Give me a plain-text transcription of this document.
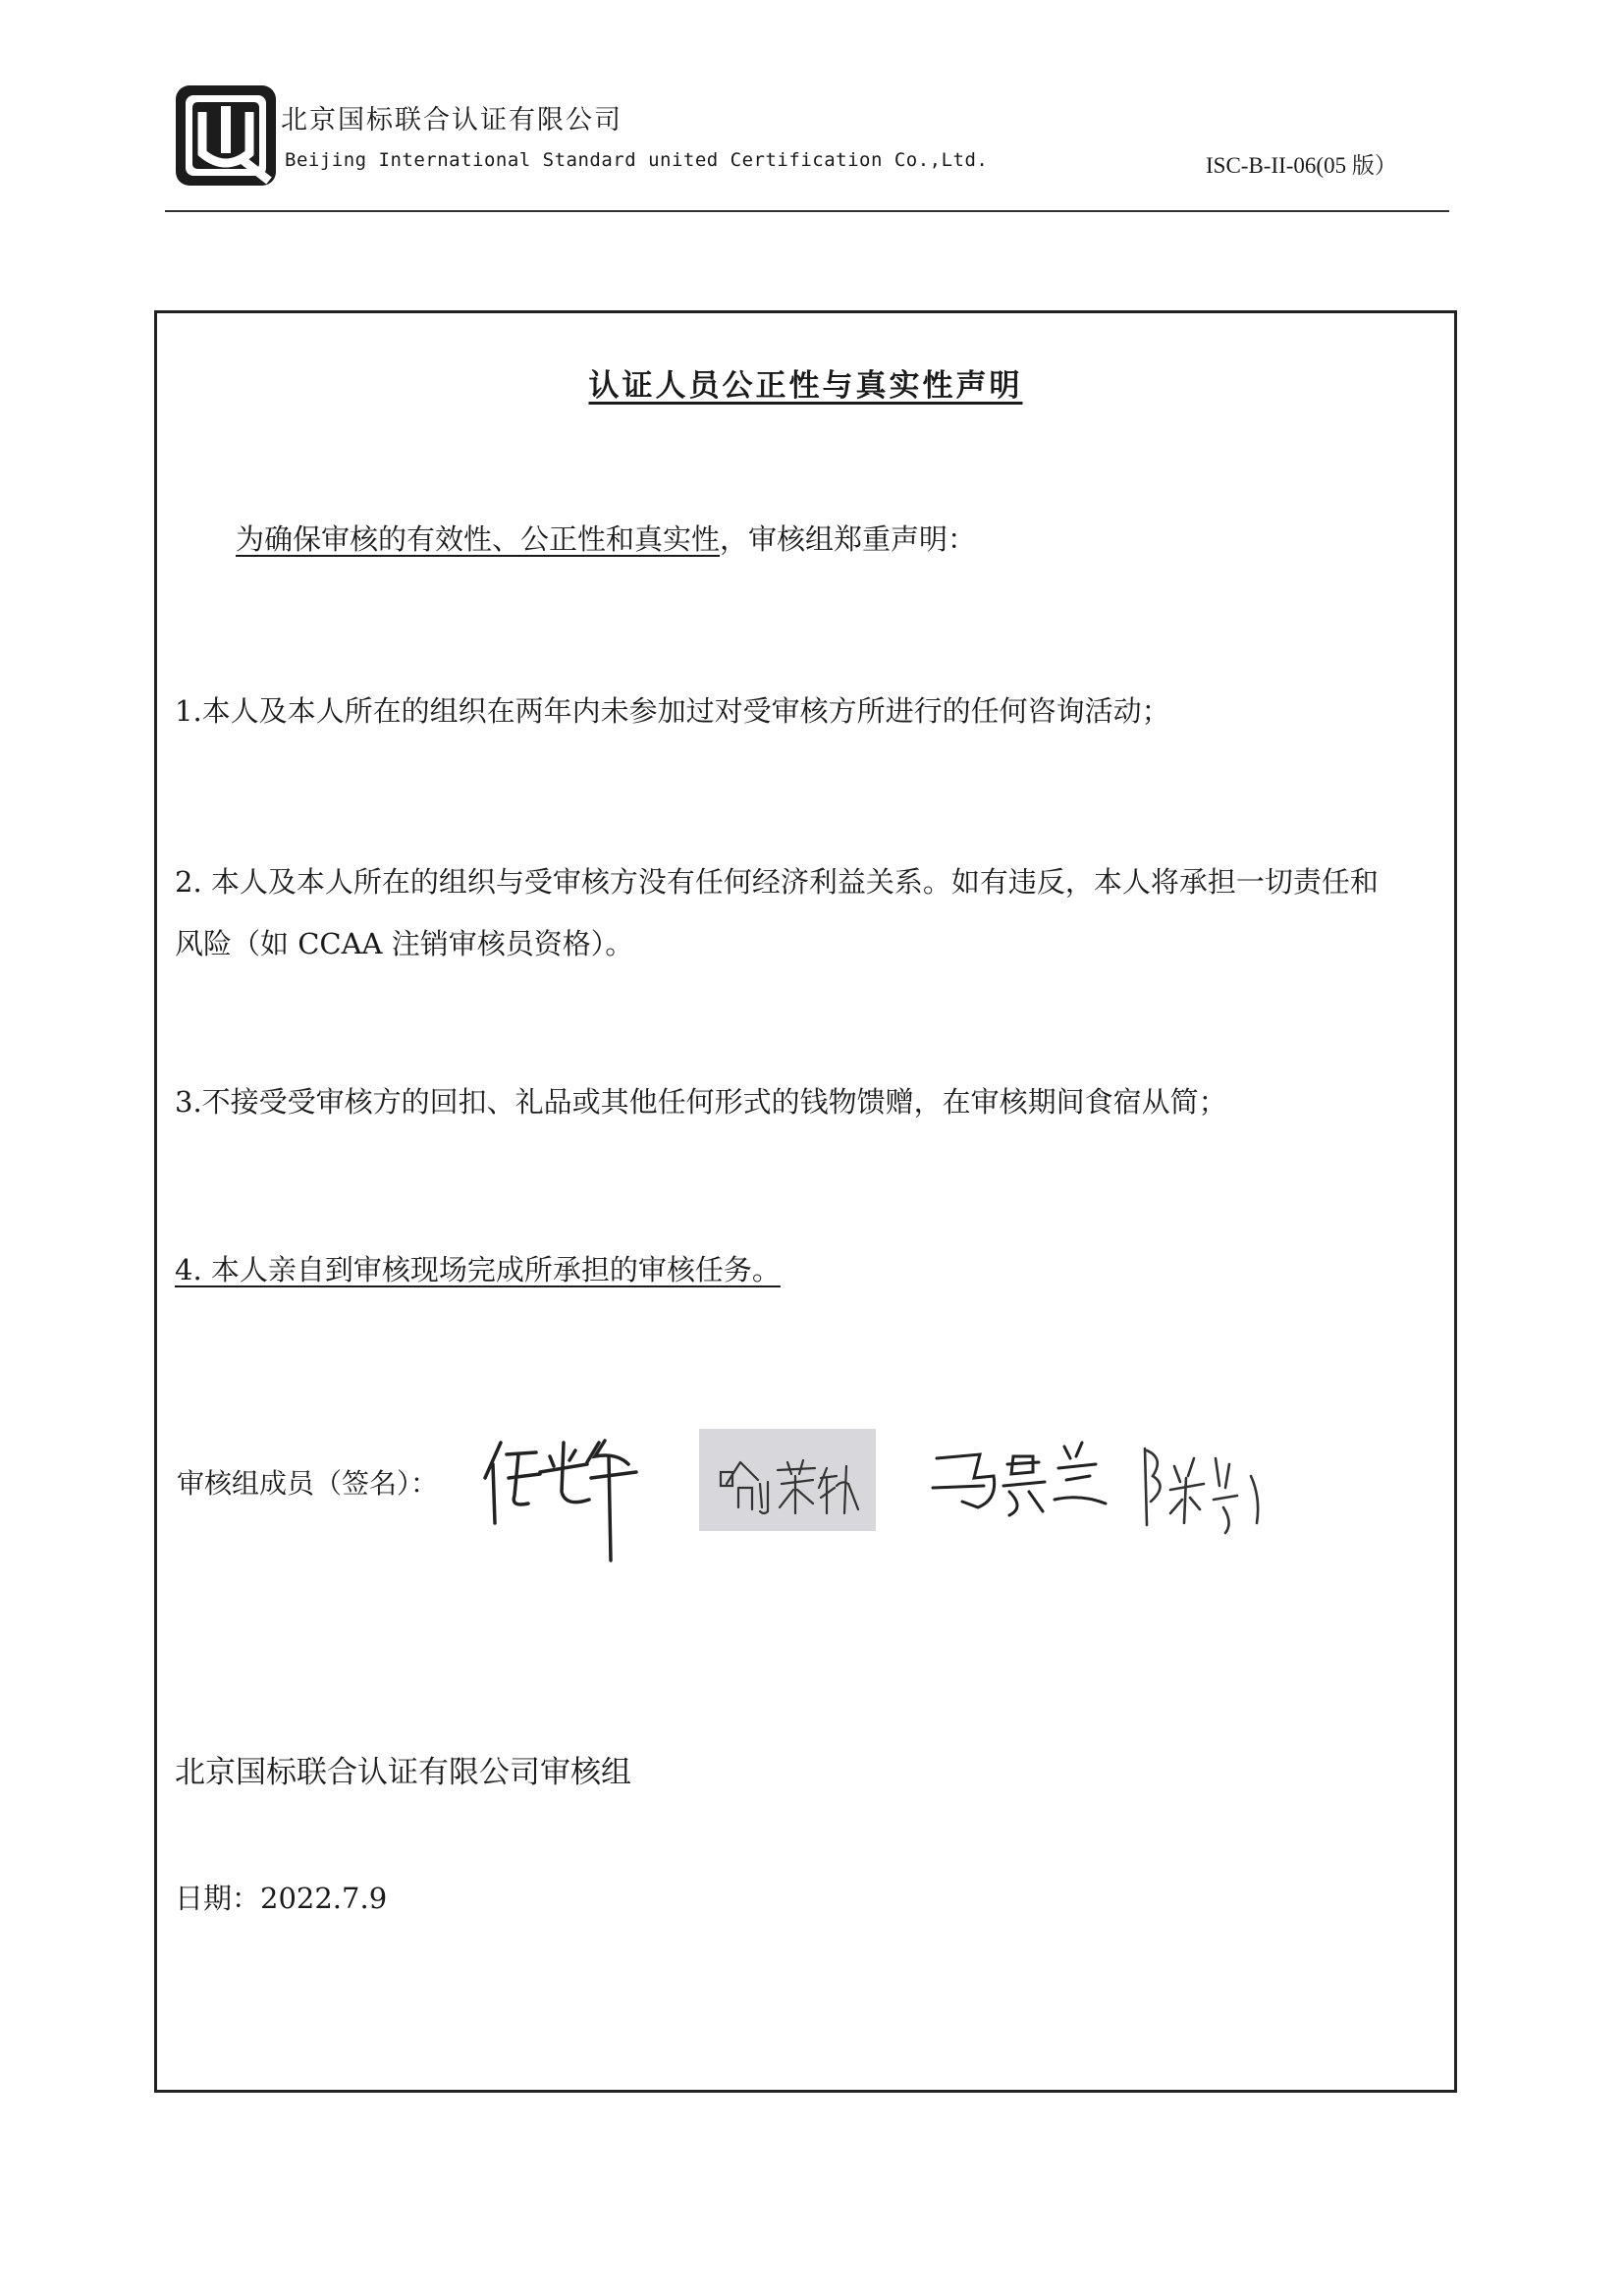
北京国标联合认证有限公司
Beijing International Standard united Certification Co.,Ltd.	ISC-B-II-06(05 版）
认证人员公正性与真实性声明
为确保审核的有效性、公正性和真实性，审核组郑重声明：
1.本人及本人所在的组织在两年内未参加过对受审核方所进行的任何咨询活动；
2. 本人及本人所在的组织与受审核方没有任何经济利益关系。如有违反，本人将承担一切责任和
风险（如 CCAA 注销审核员资格）。
3.不接受受审核方的回扣、礼品或其他任何形式的钱物馈赠，在审核期间食宿从简；
4. 本人亲自到审核现场完成所承担的审核任务。
审核组成员（签名）：
北京国标联合认证有限公司审核组
日期：2022.7.9
